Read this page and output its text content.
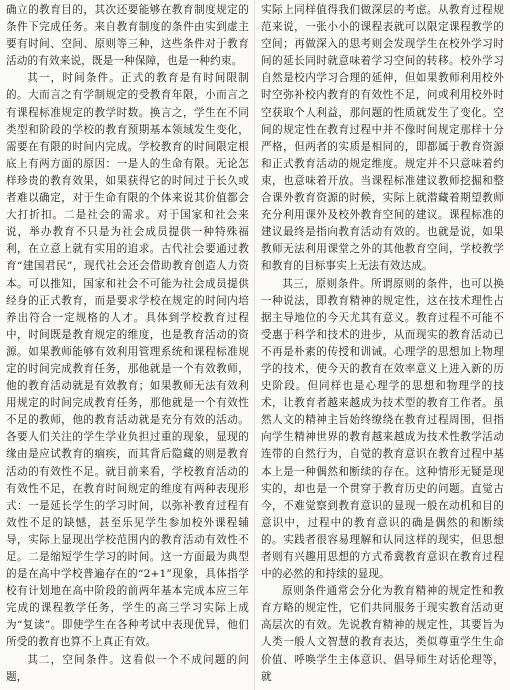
确立的教育目的，其次还要能够在教育制度规定的条件下完成任务。来自教育制度的条件由实到虚主要有时间、空间、原则等三种，这些条件对于教育活动的有效来说，既是一种保障，也是一种约束。

其一，时间条件。正式的教育是有时间限制的。大而言之有学制规定的受教育年限，小而言之有课程标准规定的教学时数。换言之，学生在不同类型和阶段的学校的教育预期基本领域发生变化，需要在有限的时间内完成。学校教育的时间限定根底上有两方面的原因：一是人的生命有限。无论怎样珍贵的教育效果，如果获得它的时间过于长久或者难以确定，对于生命有限的个体来说其价值都会大打折扣。二是社会的需求。对于国家和社会来说，举办教育不只是为社会成员提供一种特殊福利，在立意上就有实用的追求。古代社会要通过教育“建国君民”，现代社会还会借助教育创造人力资本。可以推知，国家和社会不可能为社会成员提供经身的正式教育，而是要求学校在规定的时间内培养出符合一定规格的人才。具体到学校教育过程中，时间既是教育规定的维度，也是教育活动的资源。如果教师能够有效利用管理系统和课程标准规定的时间完成教育任务，那他就是一个有效教师，他的教育活动就是有效教育；如果教师无法有效利用规定的时间完成教育任务，那他就是一个有效性不足的教师，他的教育活动就是充分有效的活动。各要人们关注的学生学业负担过重的现象，显现的缘由是应试教育的痼疾，而其背后隐藏的则是教育活动的有效性不足。就目前来看，学校教育活动的有效性不足，在教育时间规定的维度有两种表现形式：一是延长学生的学习时间，以弥补教育过程有效性不足的缺憾，甚至乐见学生参加校外课程辅导，实际上显现出学校范围内的教育活动有效性不足。二是缩短学生学习的时间。这一方面最为典型的是在高中学校普遍存在的“2+1”现象，具体指学校有计划地在高中阶段的前两年基本完成本应三年完成的课程教学任务，学生的高三学习实际上成为“复读”。即使学生在各种考试中表现优异，他们所受的教育也算不上真正有效。

其二，空间条件。这看似一个不成问题的问题，

实际上同样值得我们做深层的考虑。从教育过程规范来说，一张小小的课程表就可以限定课程教学的空间；再做深入的思考则会发现学生在校外学习时间的延长同时就意味着学习空间的转移。校外学习自然是校内学习合理的延伸，但如果教师利用校外时空弥补校内教育的有效性不足，问或利用校外时空获取个人利益，那问题的性质就发生了变化。空间的规定性在教育过程中并不像时间规定那样十分严格，但两者的实质是相同的，即都属于教育资源和正式教育活动的规定维度。规定并不只意味着约束，也意味着开放。当课程标准建议教师挖掘和整合课外教育资源的时候，实际上就潜藏着期望教师充分利用课外及校外教育空间的建议。课程标准的建议最终是指向教育活动有效的。也就是说，如果教师无法利用课堂之外的其他教育空间，学校教学和教育的目标事实上无法有效达成。

其三，原则条件。所谓原则的条件，也可以换一种说法，即教育精神的规定性，这在技术理性占据主导地位的今天尤其有意义。教育过程不可能不受惠于科学和技术的进步，从而现实的教育活动已不再是朴素的传授和训诫。心理学的思想加上物理学的技术，使今天的教育在效率意义上进入新的历史阶段。但同样也是心理学的思想和物理学的技术，让教育者越来越成为技术型的教育工作者。虽然人文的精神主旨始终缭绕在教育过程周围，但指向学生精神世界的教育越来越成为技术性教学活动连带的自然行为，自觉的教育意识在教育过程中基本上是一种偶然和断续的存在。这种情形无疑是现实的，却也是一个贯穿于教育历史的问题。直觉古今，不难觉察到教育意识的显现一般在动机和目的意识中，过程中的教育意识的确是偶然的和断续的。实践者很容易理解和认同这样的现实，但思想者则有兴趣用思想的方式希冀教育意识在教育过程中的必然的和持续的显现。

原则条件通常会分化为教育精神的规定性和教育方略的规定性，它们共同服务于现实教育活动更高层次的有效。先说教育精神的规定性，其要旨为人类一般人文智慧的教育表达，类似尊重学生生命价值、呼唤学生主体意识、倡导师生对话伦理等，就
